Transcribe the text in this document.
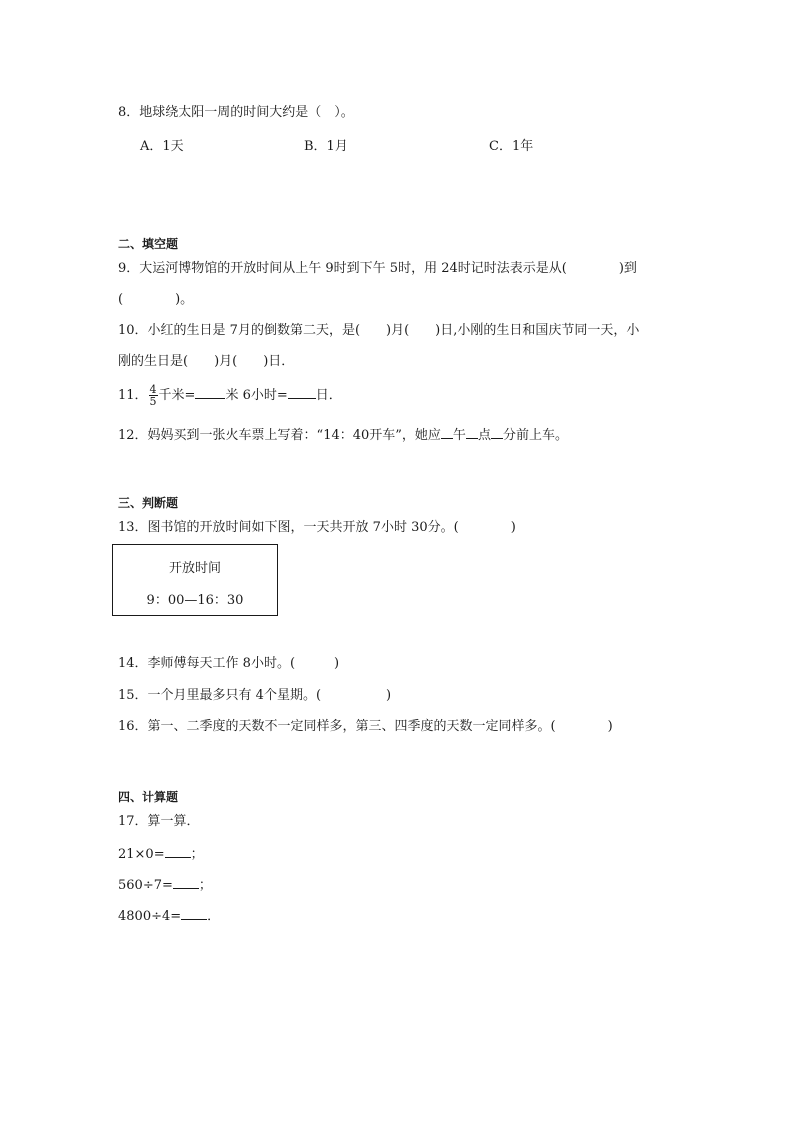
8．地球绕太阳一周的时间大约是（　）。
A．1天	B．1月	C．1年
二、填空题
9．大运河博物馆的开放时间从上午 9时到下午 5时，用 24时记时法表示是从(　　　　)到
(　　　　)。
10．小红的生日是 7月的倒数第二天，是(　　)月(　　)日,小刚的生日和国庆节同一天，小
刚的生日是(　　)月(　　)日．
11． $\frac{4}{5}$ 千米= 米 6小时= 日．
12．妈妈买到一张火车票上写着：“14：40开车”，她应 午 点 分前上车。
三、判断题
13．图书馆的开放时间如下图，一天共开放 7小时 30分。(　　　　)
开放时间
9：00—16：30
14．李师傅每天工作 8小时。(　　　)
15．一个月里最多只有 4个星期。(　　　　　)
16．第一、二季度的天数不一定同样多，第三、四季度的天数一定同样多。(　　　　)
四、计算题
17．算一算．
21×0= ；
560÷7= ；
4800÷4= ．
